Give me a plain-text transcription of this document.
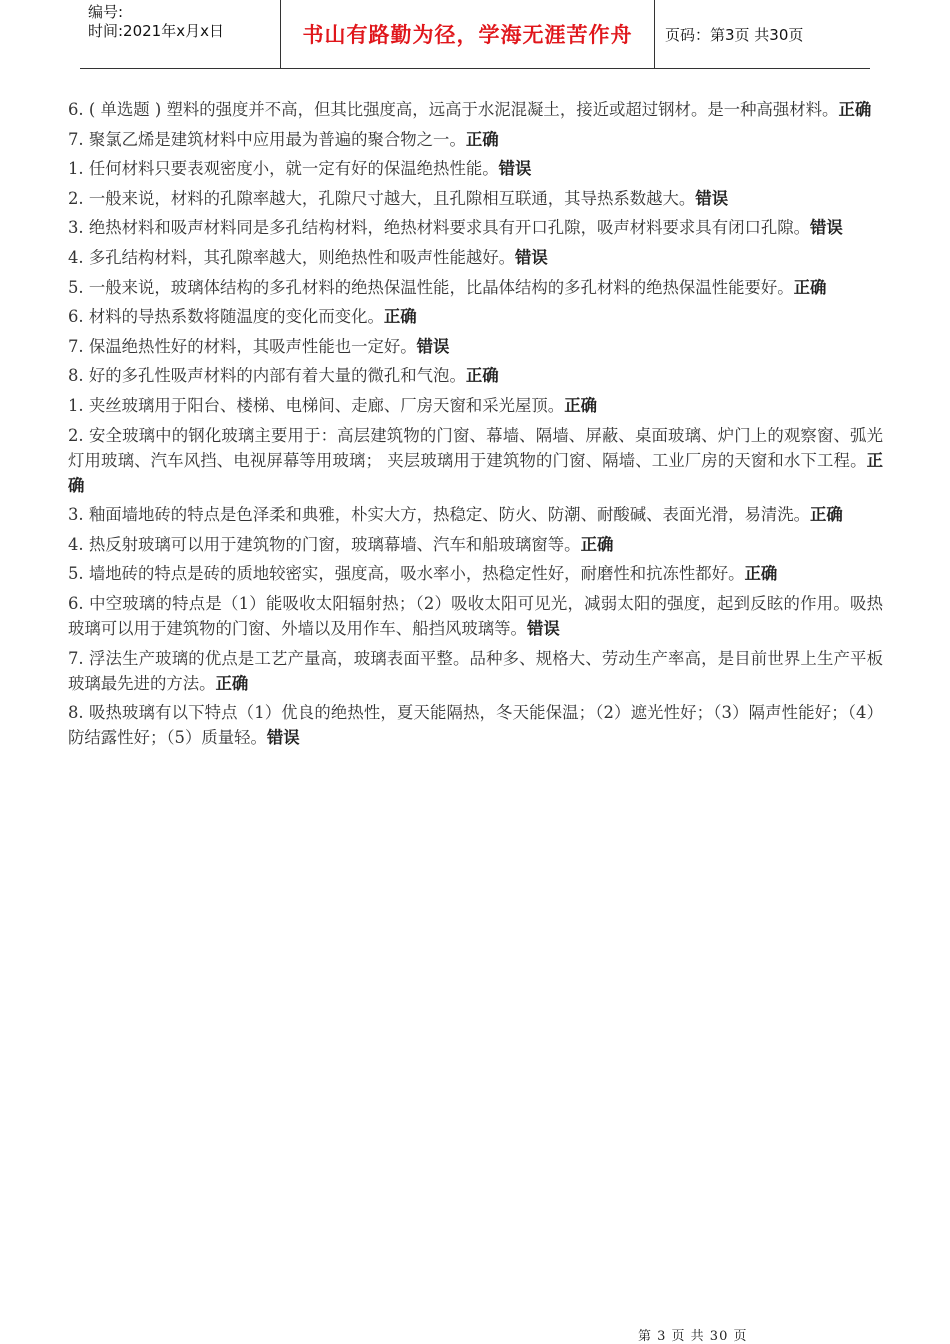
编号:
时间:2021年x月x日	书山有路勤为径，学海无涯苦作舟	页码：第3页 共30页
6. ( 单选题 ) 塑料的强度并不高，但其比强度高，远高于水泥混凝土，接近或超过钢材。是一种高强材料。正确
7. 聚氯乙烯是建筑材料中应用最为普遍的聚合物之一。正确
1. 任何材料只要表观密度小，就一定有好的保温绝热性能。错误
2. 一般来说，材料的孔隙率越大，孔隙尺寸越大，且孔隙相互联通，其导热系数越大。错误
3. 绝热材料和吸声材料同是多孔结构材料，绝热材料要求具有开口孔隙，吸声材料要求具有闭口孔隙。错误
4. 多孔结构材料，其孔隙率越大，则绝热性和吸声性能越好。错误
5. 一般来说，玻璃体结构的多孔材料的绝热保温性能，比晶体结构的多孔材料的绝热保温性能要好。正确
6. 材料的导热系数将随温度的变化而变化。正确
7. 保温绝热性好的材料，其吸声性能也一定好。错误
8. 好的多孔性吸声材料的内部有着大量的微孔和气泡。正确
1. 夹丝玻璃用于阳台、楼梯、电梯间、走廊、厂房天窗和采光屋顶。正确
2. 安全玻璃中的钢化玻璃主要用于：高层建筑物的门窗、幕墙、隔墙、屏蔽、桌面玻璃、炉门上的观察窗、弧光灯用玻璃、汽车风挡、电视屏幕等用玻璃； 夹层玻璃用于建筑物的门窗、隔墙、工业厂房的天窗和水下工程。正确
3. 釉面墙地砖的特点是色泽柔和典雅，朴实大方，热稳定、防火、防潮、耐酸碱、表面光滑，易清洗。正确
4. 热反射玻璃可以用于建筑物的门窗，玻璃幕墙、汽车和船玻璃窗等。正确
5. 墙地砖的特点是砖的质地较密实，强度高，吸水率小，热稳定性好，耐磨性和抗冻性都好。正确
6. 中空玻璃的特点是（1）能吸收太阳辐射热；（2）吸收太阳可见光，减弱太阳的强度，起到反眩的作用。吸热玻璃可以用于建筑物的门窗、外墙以及用作车、船挡风玻璃等。错误
7. 浮法生产玻璃的优点是工艺产量高，玻璃表面平整。品种多、规格大、劳动生产率高，是目前世界上生产平板玻璃最先进的方法。正确
8. 吸热玻璃有以下特点（1）优良的绝热性，夏天能隔热，冬天能保温；（2）遮光性好；（3）隔声性能好；（4）防结露性好；（5）质量轻。错误
第 3 页 共 30 页
